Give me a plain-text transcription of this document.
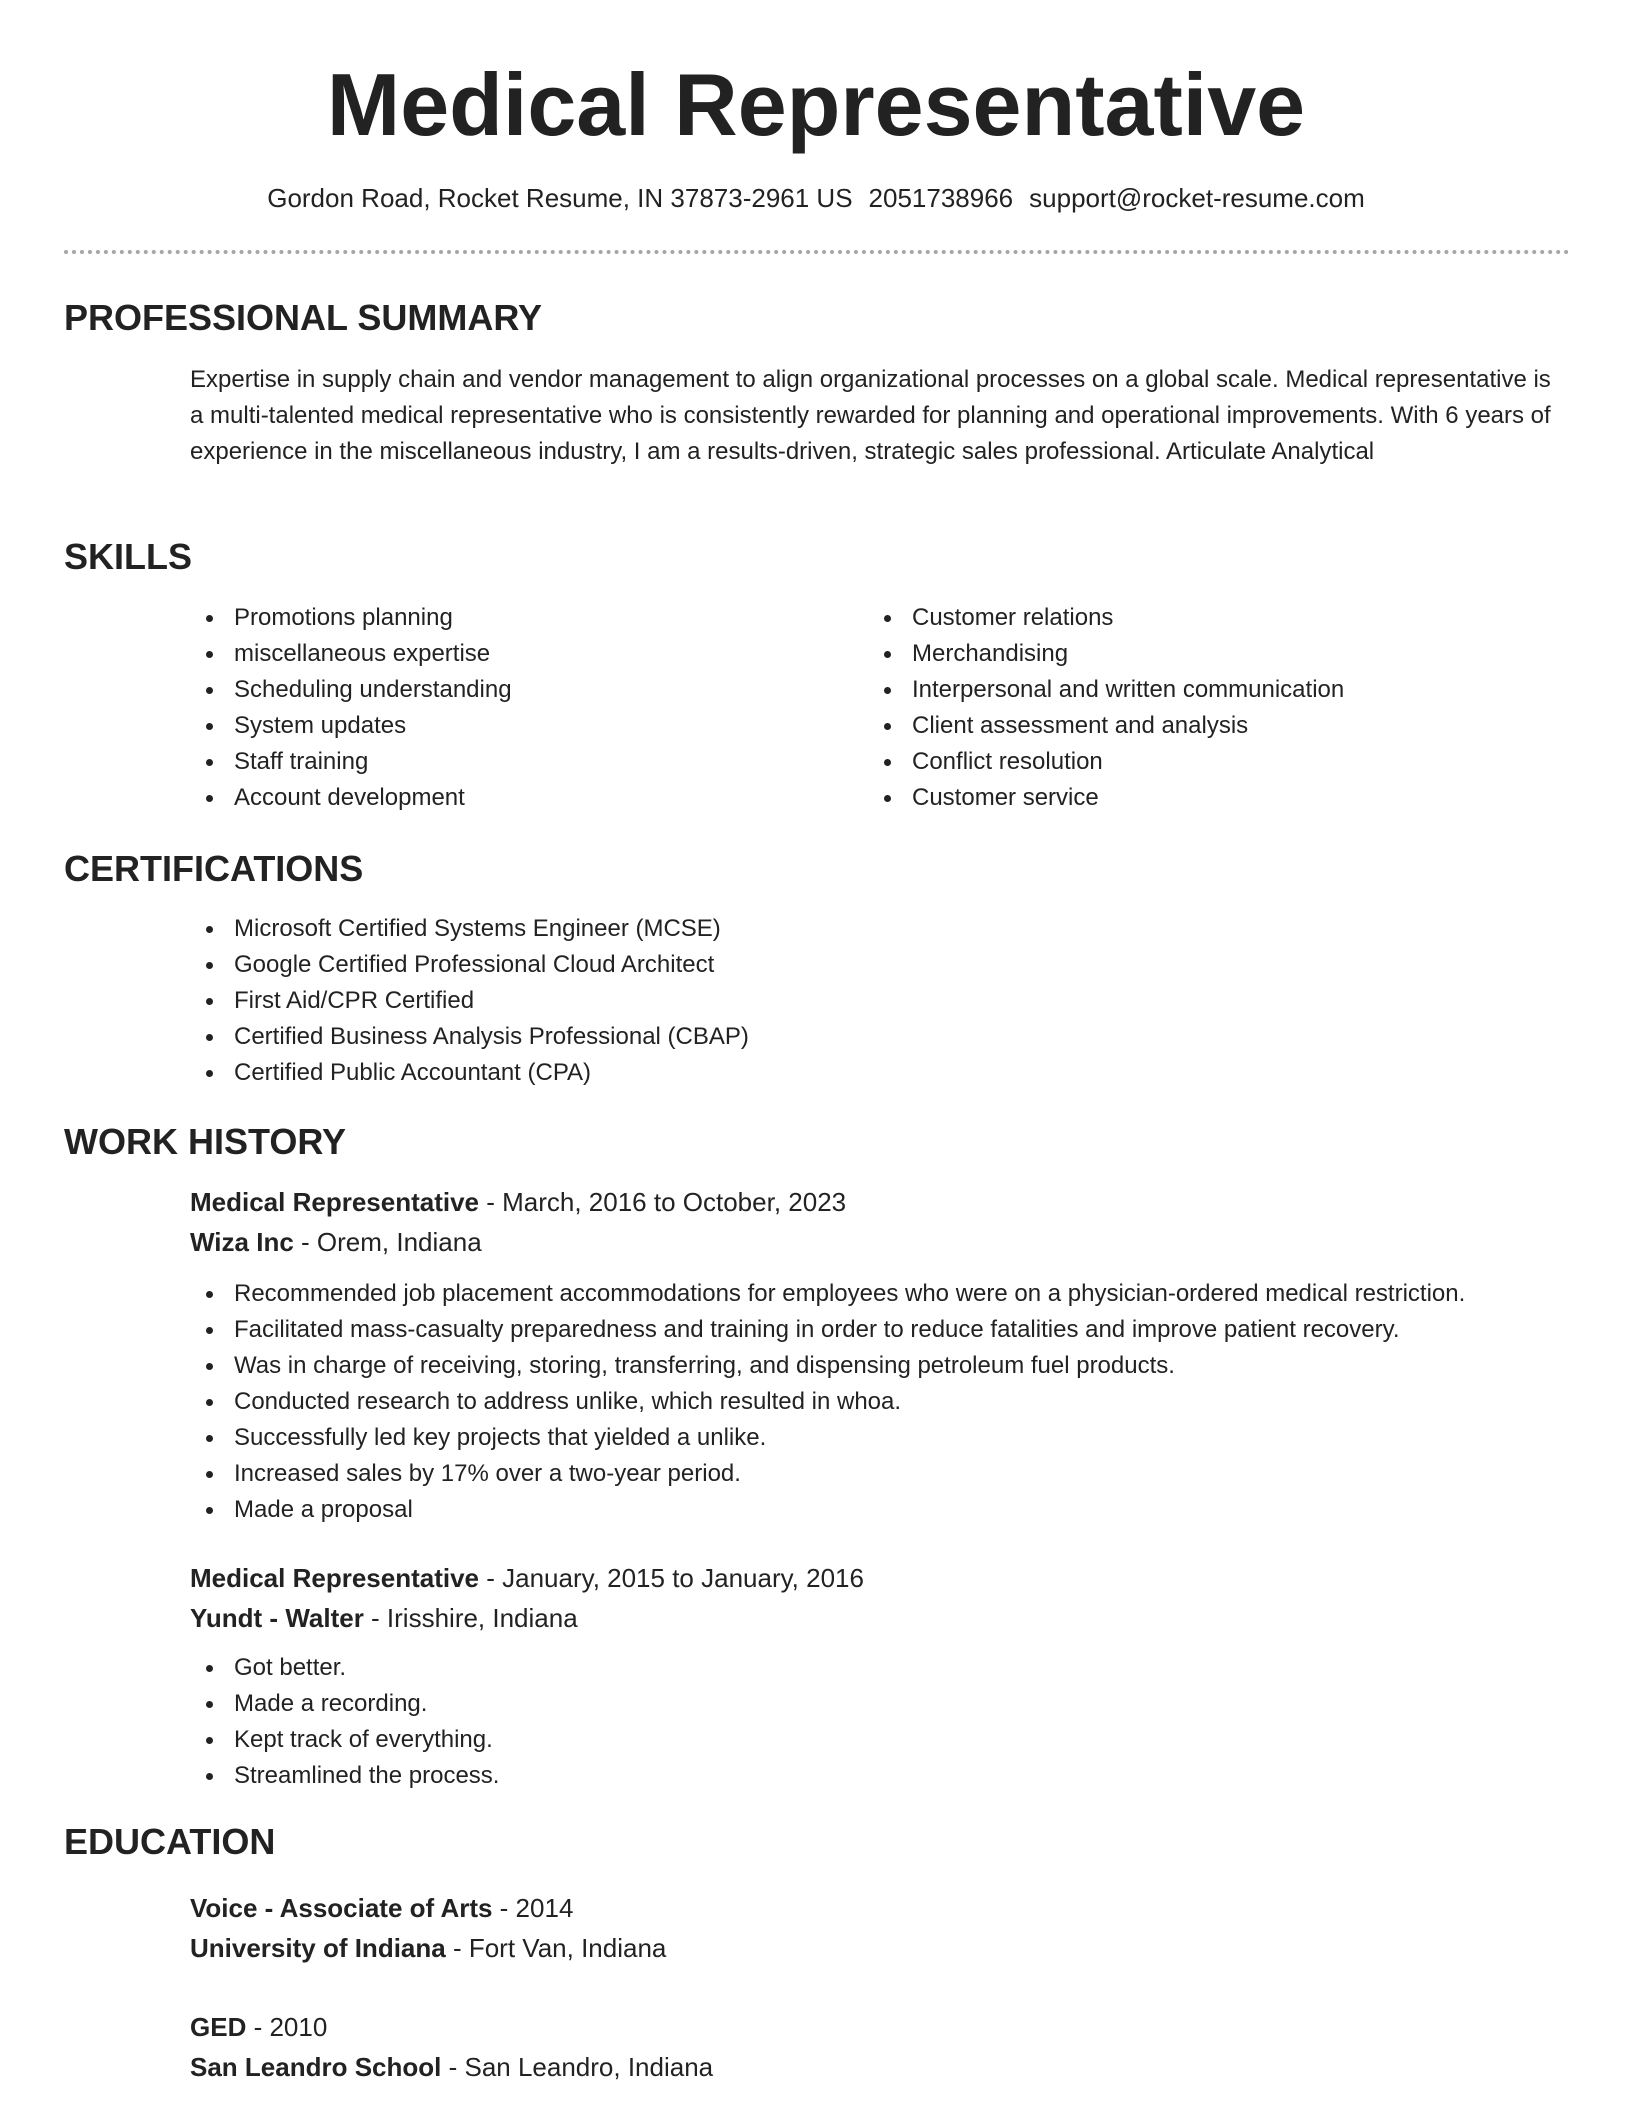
Medical Representative
Gordon Road, Rocket Resume, IN 37873-2961 US 2051738966 support@rocket-resume.com
PROFESSIONAL SUMMARY
Expertise in supply chain and vendor management to align organizational processes on a global scale. Medical representative is a multi-talented medical representative who is consistently rewarded for planning and operational improvements. With 6 years of experience in the miscellaneous industry, I am a results-driven, strategic sales professional. Articulate Analytical
SKILLS
Promotions planning
miscellaneous expertise
Scheduling understanding
System updates
Staff training
Account development
Customer relations
Merchandising
Interpersonal and written communication
Client assessment and analysis
Conflict resolution
Customer service
CERTIFICATIONS
Microsoft Certified Systems Engineer (MCSE)
Google Certified Professional Cloud Architect
First Aid/CPR Certified
Certified Business Analysis Professional (CBAP)
Certified Public Accountant (CPA)
WORK HISTORY
Medical Representative - March, 2016 to October, 2023
Wiza Inc - Orem, Indiana
Recommended job placement accommodations for employees who were on a physician-ordered medical restriction.
Facilitated mass-casualty preparedness and training in order to reduce fatalities and improve patient recovery.
Was in charge of receiving, storing, transferring, and dispensing petroleum fuel products.
Conducted research to address unlike, which resulted in whoa.
Successfully led key projects that yielded a unlike.
Increased sales by 17% over a two-year period.
Made a proposal
Medical Representative - January, 2015 to January, 2016
Yundt - Walter - Irisshire, Indiana
Got better.
Made a recording.
Kept track of everything.
Streamlined the process.
EDUCATION
Voice - Associate of Arts - 2014
University of Indiana - Fort Van, Indiana
GED - 2010
San Leandro School - San Leandro, Indiana
